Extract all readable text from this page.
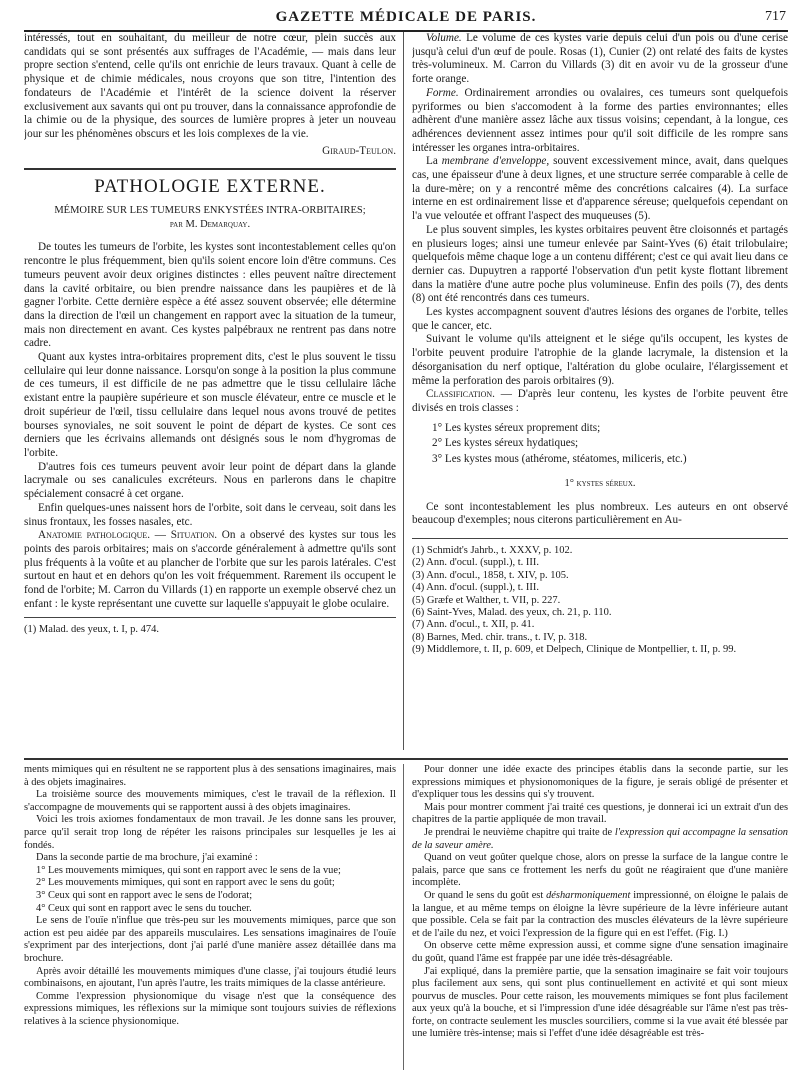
GAZETTE MÉDICALE DE PARIS.	717

intéressés, tout en souhaitant, du meilleur de notre cœur, plein succès aux candidats qui se sont présentés aux suffrages de l'Académie, — mais dans leur propre section s'entend, celle qu'ils ont enrichie de leurs travaux. Quant à celle de physique et de chimie médicales, nous croyons que son titre, l'intention des fondateurs de l'Académie et l'intérêt de la science doivent la réserver exclusivement aux savants qui ont pu trouver, dans la connaissance approfondie de la chimie ou de la physique, des sources de lumière propres à jeter un nouveau jour sur les phénomènes obscurs et les lois complexes de la vie.

Giraud-Teulon.
PATHOLOGIE EXTERNE.
MÉMOIRE SUR LES TUMEURS ENKYSTÉES INTRA-ORBITAIRES;
par M. Demarquay.

De toutes les tumeurs de l'orbite, les kystes sont incontestablement celles qu'on rencontre le plus fréquemment, bien qu'ils soient encore loin d'être communs. Ces tumeurs peuvent avoir deux origines distinctes : elles peuvent naître directement dans la cavité orbitaire, ou bien prendre naissance dans les paupières et de là gagner l'orbite. Cette dernière espèce a été assez souvent observée; elle détermine dans la direction de l'œil un changement en rapport avec la situation de la tumeur, mais non directement en avant. Ces kystes palpébraux ne rentrent pas dans notre cadre.

Quant aux kystes intra-orbitaires proprement dits, c'est le plus souvent le tissu cellulaire qui leur donne naissance. Lorsqu'on songe à la position la plus commune de ces tumeurs, il est difficile de ne pas admettre que le tissu cellulaire lâche existant entre la paupière supérieure et son muscle élévateur, entre ce muscle et le droit supérieur de l'œil, tissu cellulaire dans lequel nous avons trouvé de petites bourses synoviales, ne soit souvent le point de départ de kystes. Ce sont ces derniers que les écrivains allemands ont désignés sous le nom d'hygromas de l'orbite.

D'autres fois ces tumeurs peuvent avoir leur point de départ dans la glande lacrymale ou ses canalicules excréteurs. Nous en parlerons dans le chapitre spécialement consacré à cet organe.

Enfin quelques-unes naissent hors de l'orbite, soit dans le cerveau, soit dans les sinus frontaux, les fosses nasales, etc.

Anatomie pathologique. — Situation. On a observé des kystes sur tous les points des parois orbitaires; mais on s'accorde généralement à admettre qu'ils sont plus fréquents à la voûte et au plancher de l'orbite que sur les parois latérales. C'est surtout en haut et en dehors qu'on les voit fréquemment. Rarement ils occupent le fond de l'orbite; M. Carron du Villards (1) en rapporte un exemple observé chez un enfant : le kyste représentant une cuvette sur laquelle s'appuyait le globe oculaire.

(1) Malad. des yeux, t. I, p. 474.

Volume. Le volume de ces kystes varie depuis celui d'un pois ou d'une cerise jusqu'à celui d'un œuf de poule. Rosas (1), Cunier (2) ont relaté des faits de kystes très-volumineux. M. Carron du Villards (3) dit en avoir vu de la grosseur d'une forte orange.

Forme. Ordinairement arrondies ou ovalaires, ces tumeurs sont quelquefois pyriformes ou bien s'accomodent à la forme des parties environnantes; elles adhèrent d'une manière assez lâche aux tissus voisins; cependant, à la longue, ces adhérences deviennent assez intimes pour qu'il soit difficile de les rompre sans intéresser les organes intra-orbitaires.

La membrane d'enveloppe, souvent excessivement mince, avait, dans quelques cas, une épaisseur d'une à deux lignes, et une structure serrée comparable à celle de la dure-mère; on y a rencontré même des concrétions calcaires (4). La surface interne en est ordinairement lisse et d'apparence séreuse; quelquefois cependant on l'a vue veloutée et offrant l'aspect des muqueuses (5).

Le plus souvent simples, les kystes orbitaires peuvent être cloisonnés et partagés en plusieurs loges; ainsi une tumeur enlevée par Saint-Yves (6) était trilobulaire; quelquefois même chaque loge a un contenu différent; c'est ce qui avait lieu dans ce dernier cas. Dupuytren a rapporté l'observation d'un petit kyste flottant librement dans la matière d'une autre poche plus volumineuse. Enfin des poils (7), des dents (8) ont été rencontrés dans ces tumeurs.

Les kystes accompagnent souvent d'autres lésions des organes de l'orbite, telles que le cancer, etc.

Suivant le volume qu'ils atteignent et le siége qu'ils occupent, les kystes de l'orbite peuvent produire l'atrophie de la glande lacrymale, la distension et la désorganisation du nerf optique, l'altération du globe oculaire, l'élargissement et même la perforation des parois orbitaires (9).

Classification. — D'après leur contenu, les kystes de l'orbite peuvent être divisés en trois classes :

1° Les kystes séreux proprement dits;
2° Les kystes séreux hydatiques;
3° Les kystes mous (athérome, stéatomes, miliceris, etc.)
1° kystes séreux.

Ce sont incontestablement les plus nombreux. Les auteurs en ont observé beaucoup d'exemples; nous citerons particulièrement en Au-

(1) Schmidt's Jahrb., t. XXXV, p. 102.
(2) Ann. d'ocul. (suppl.), t. III.
(3) Ann. d'ocul., 1858, t. XIV, p. 105.
(4) Ann. d'ocul. (suppl.), t. III.
(5) Græfe et Walther, t. VII, p. 227.
(6) Saint-Yves, Malad. des yeux, ch. 21, p. 110.
(7) Ann. d'ocul., t. XII, p. 41.
(8) Barnes, Med. chir. trans., t. IV, p. 318.
(9) Middlemore, t. II, p. 609, et Delpech, Clinique de Montpellier, t. II, p. 99.

ments mimiques qui en résultent ne se rapportent plus à des sensations imaginaires, mais à des objets imaginaires.

La troisième source des mouvements mimiques, c'est le travail de la réflexion. Il s'accompagne de mouvements qui se rapportent aussi à des objets imaginaires.

Voici les trois axiomes fondamentaux de mon travail. Je les donne sans les prouver, parce qu'il serait trop long de répéter les raisons principales sur lesquelles je les ai fondés.

Dans la seconde partie de ma brochure, j'ai examiné :

1° Les mouvements mimiques, qui sont en rapport avec le sens de la vue;

2° Les mouvements mimiques, qui sont en rapport avec le sens du goût;

3° Ceux qui sont en rapport avec le sens de l'odorat;

4° Ceux qui sont en rapport avec le sens du toucher.

Le sens de l'ouïe n'influe que très-peu sur les mouvements mimiques, parce que son action est peu aidée par des appareils musculaires. Les sensations imaginaires de l'ouïe s'expriment par des interjections, dont j'ai parlé d'une manière assez détaillée dans ma brochure.

Après avoir détaillé les mouvements mimiques d'une classe, j'ai toujours étudié leurs combinaisons, en ajoutant, l'un après l'autre, les traits mimiques de la classe antérieure.

Comme l'expression physionomique du visage n'est que la conséquence des expressions mimiques, les réflexions sur la mimique sont toujours suivies de réflexions relatives à la science physionomique.

Pour donner une idée exacte des principes établis dans la seconde partie, sur les expressions mimiques et physionomoniques de la figure, je serais obligé de présenter et d'expliquer tous les dessins qui s'y trouvent.

Mais pour montrer comment j'ai traité ces questions, je donnerai ici un extrait d'un des chapitres de la partie appliquée de mon travail.

Je prendrai le neuvième chapitre qui traite de l'expression qui accompagne la sensation de la saveur amère.

Quand on veut goûter quelque chose, alors on presse la surface de la langue contre le palais, parce que sans ce frottement les nerfs du goût ne réagiraient que d'une manière incomplète.

Or quand le sens du goût est désharmoniquement impressionné, on éloigne le palais de la langue, et au même temps on éloigne la lèvre supérieure de la lèvre inférieure autant que possible. Cela se fait par la contraction des muscles élévateurs de la lèvre supérieure et de l'aile du nez, et voici l'expression de la figure qui en est l'effet. (Fig. I.)

On observe cette même expression aussi, et comme signe d'une sensation imaginaire du goût, quand l'âme est frappée par une idée très-désagréable.

J'ai expliqué, dans la première partie, que la sensation imaginaire se fait voir toujours plus facilement aux sens, qui sont plus continuellement en activité et qui sont mieux pourvus de muscles. Pour cette raison, les mouvements mimiques se font plus facilement aux yeux qu'à la bouche, et si l'impression d'une idée désagréable sur l'âme n'est pas très-forte, on contracte seulement les muscles sourciliers, comme si la vue avait été blessée par une lumière très-intense; mais si l'effet d'une idée désagréable est très-
